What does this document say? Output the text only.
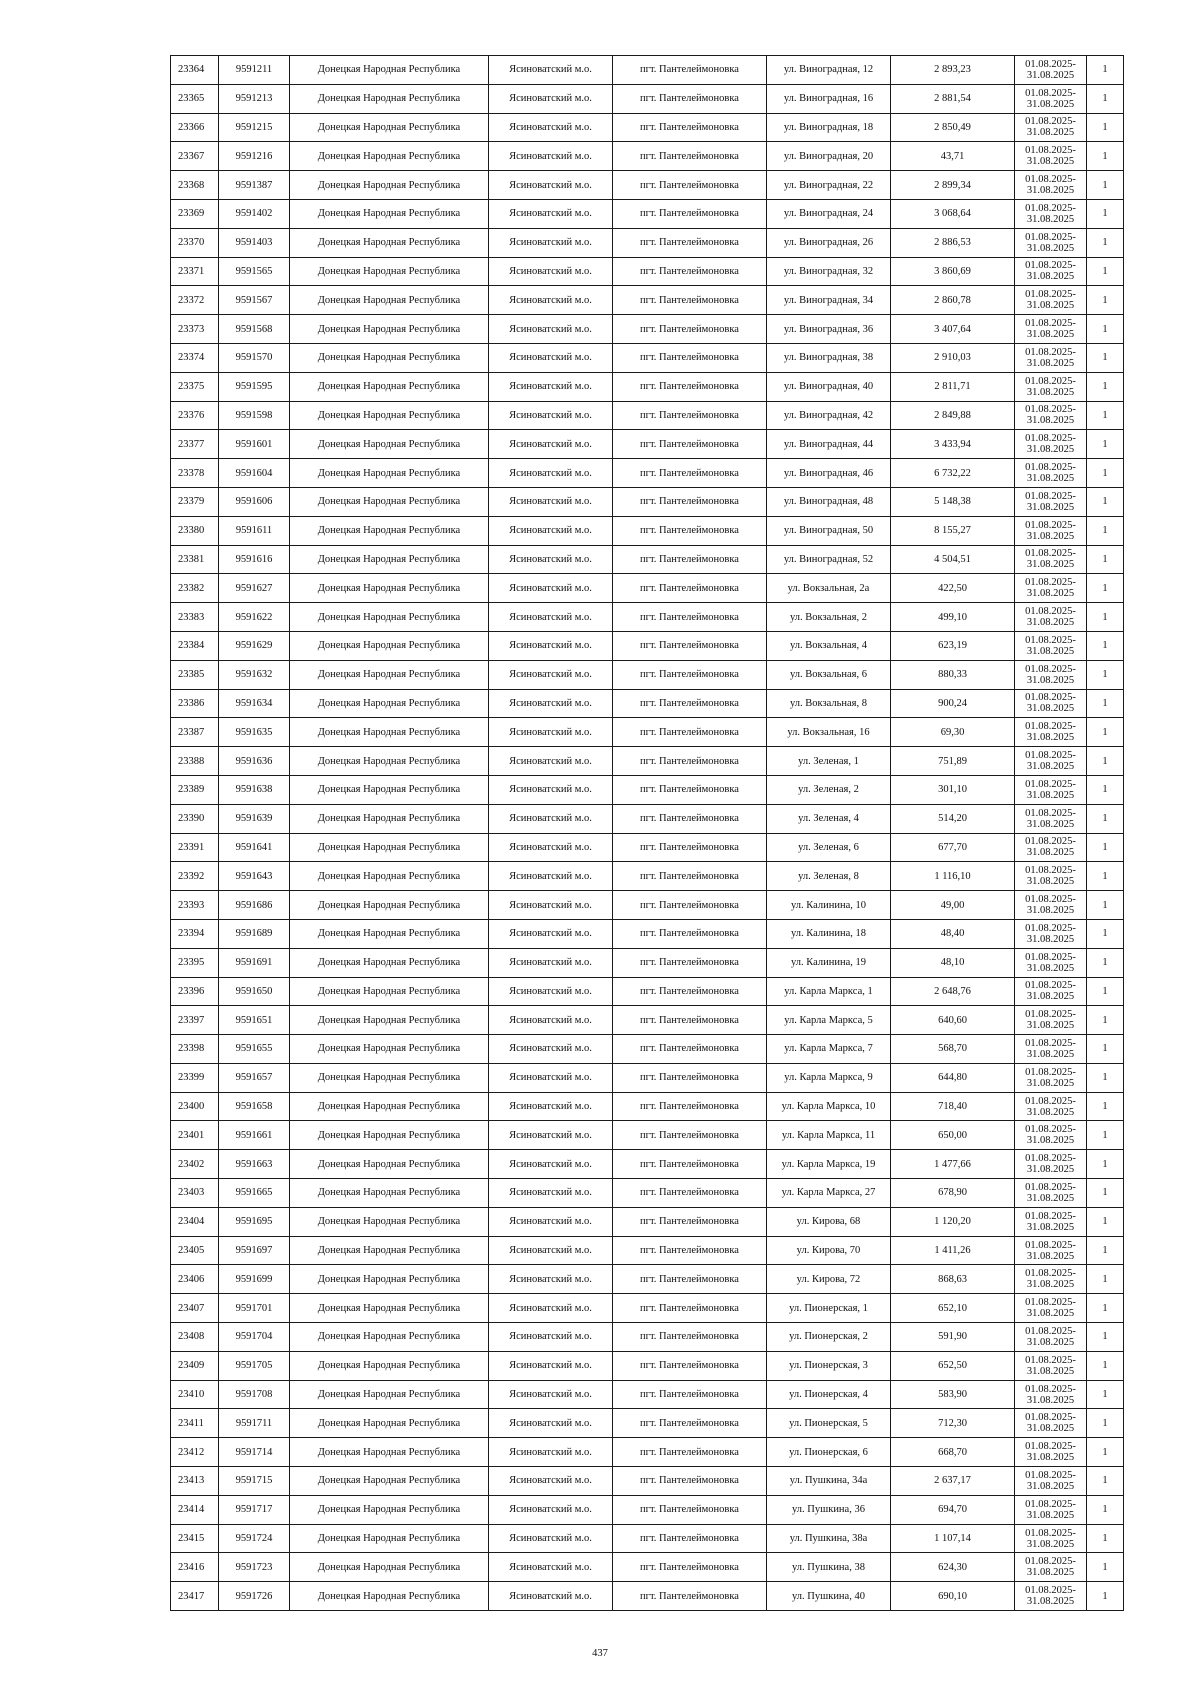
23364	9591211	Донецкая Народная Республика	Ясиноватский м.о.	пгт. Пантелеймоновка	ул. Виноградная, 12	2 893,23	01.08.2025- 31.08.2025	1
23365	9591213	Донецкая Народная Республика	Ясиноватский м.о.	пгт. Пантелеймоновка	ул. Виноградная, 16	2 881,54	01.08.2025- 31.08.2025	1
23366	9591215	Донецкая Народная Республика	Ясиноватский м.о.	пгт. Пантелеймоновка	ул. Виноградная, 18	2 850,49	01.08.2025- 31.08.2025	1
23367	9591216	Донецкая Народная Республика	Ясиноватский м.о.	пгт. Пантелеймоновка	ул. Виноградная, 20	43,71	01.08.2025- 31.08.2025	1
23368	9591387	Донецкая Народная Республика	Ясиноватский м.о.	пгт. Пантелеймоновка	ул. Виноградная, 22	2 899,34	01.08.2025- 31.08.2025	1
23369	9591402	Донецкая Народная Республика	Ясиноватский м.о.	пгт. Пантелеймоновка	ул. Виноградная, 24	3 068,64	01.08.2025- 31.08.2025	1
23370	9591403	Донецкая Народная Республика	Ясиноватский м.о.	пгт. Пантелеймоновка	ул. Виноградная, 26	2 886,53	01.08.2025- 31.08.2025	1
23371	9591565	Донецкая Народная Республика	Ясиноватский м.о.	пгт. Пантелеймоновка	ул. Виноградная, 32	3 860,69	01.08.2025- 31.08.2025	1
23372	9591567	Донецкая Народная Республика	Ясиноватский м.о.	пгт. Пантелеймоновка	ул. Виноградная, 34	2 860,78	01.08.2025- 31.08.2025	1
23373	9591568	Донецкая Народная Республика	Ясиноватский м.о.	пгт. Пантелеймоновка	ул. Виноградная, 36	3 407,64	01.08.2025- 31.08.2025	1
23374	9591570	Донецкая Народная Республика	Ясиноватский м.о.	пгт. Пантелеймоновка	ул. Виноградная, 38	2 910,03	01.08.2025- 31.08.2025	1
23375	9591595	Донецкая Народная Республика	Ясиноватский м.о.	пгт. Пантелеймоновка	ул. Виноградная, 40	2 811,71	01.08.2025- 31.08.2025	1
23376	9591598	Донецкая Народная Республика	Ясиноватский м.о.	пгт. Пантелеймоновка	ул. Виноградная, 42	2 849,88	01.08.2025- 31.08.2025	1
23377	9591601	Донецкая Народная Республика	Ясиноватский м.о.	пгт. Пантелеймоновка	ул. Виноградная, 44	3 433,94	01.08.2025- 31.08.2025	1
23378	9591604	Донецкая Народная Республика	Ясиноватский м.о.	пгт. Пантелеймоновка	ул. Виноградная, 46	6 732,22	01.08.2025- 31.08.2025	1
23379	9591606	Донецкая Народная Республика	Ясиноватский м.о.	пгт. Пантелеймоновка	ул. Виноградная, 48	5 148,38	01.08.2025- 31.08.2025	1
23380	9591611	Донецкая Народная Республика	Ясиноватский м.о.	пгт. Пантелеймоновка	ул. Виноградная, 50	8 155,27	01.08.2025- 31.08.2025	1
23381	9591616	Донецкая Народная Республика	Ясиноватский м.о.	пгт. Пантелеймоновка	ул. Виноградная, 52	4 504,51	01.08.2025- 31.08.2025	1
23382	9591627	Донецкая Народная Республика	Ясиноватский м.о.	пгт. Пантелеймоновка	ул. Вокзальная, 2а	422,50	01.08.2025- 31.08.2025	1
23383	9591622	Донецкая Народная Республика	Ясиноватский м.о.	пгт. Пантелеймоновка	ул. Вокзальная, 2	499,10	01.08.2025- 31.08.2025	1
23384	9591629	Донецкая Народная Республика	Ясиноватский м.о.	пгт. Пантелеймоновка	ул. Вокзальная, 4	623,19	01.08.2025- 31.08.2025	1
23385	9591632	Донецкая Народная Республика	Ясиноватский м.о.	пгт. Пантелеймоновка	ул. Вокзальная, 6	880,33	01.08.2025- 31.08.2025	1
23386	9591634	Донецкая Народная Республика	Ясиноватский м.о.	пгт. Пантелеймоновка	ул. Вокзальная, 8	900,24	01.08.2025- 31.08.2025	1
23387	9591635	Донецкая Народная Республика	Ясиноватский м.о.	пгт. Пантелеймоновка	ул. Вокзальная, 16	69,30	01.08.2025- 31.08.2025	1
23388	9591636	Донецкая Народная Республика	Ясиноватский м.о.	пгт. Пантелеймоновка	ул. Зеленая, 1	751,89	01.08.2025- 31.08.2025	1
23389	9591638	Донецкая Народная Республика	Ясиноватский м.о.	пгт. Пантелеймоновка	ул. Зеленая, 2	301,10	01.08.2025- 31.08.2025	1
23390	9591639	Донецкая Народная Республика	Ясиноватский м.о.	пгт. Пантелеймоновка	ул. Зеленая, 4	514,20	01.08.2025- 31.08.2025	1
23391	9591641	Донецкая Народная Республика	Ясиноватский м.о.	пгт. Пантелеймоновка	ул. Зеленая, 6	677,70	01.08.2025- 31.08.2025	1
23392	9591643	Донецкая Народная Республика	Ясиноватский м.о.	пгт. Пантелеймоновка	ул. Зеленая, 8	1 116,10	01.08.2025- 31.08.2025	1
23393	9591686	Донецкая Народная Республика	Ясиноватский м.о.	пгт. Пантелеймоновка	ул. Калинина, 10	49,00	01.08.2025- 31.08.2025	1
23394	9591689	Донецкая Народная Республика	Ясиноватский м.о.	пгт. Пантелеймоновка	ул. Калинина, 18	48,40	01.08.2025- 31.08.2025	1
23395	9591691	Донецкая Народная Республика	Ясиноватский м.о.	пгт. Пантелеймоновка	ул. Калинина, 19	48,10	01.08.2025- 31.08.2025	1
23396	9591650	Донецкая Народная Республика	Ясиноватский м.о.	пгт. Пантелеймоновка	ул. Карла Маркса, 1	2 648,76	01.08.2025- 31.08.2025	1
23397	9591651	Донецкая Народная Республика	Ясиноватский м.о.	пгт. Пантелеймоновка	ул. Карла Маркса, 5	640,60	01.08.2025- 31.08.2025	1
23398	9591655	Донецкая Народная Республика	Ясиноватский м.о.	пгт. Пантелеймоновка	ул. Карла Маркса, 7	568,70	01.08.2025- 31.08.2025	1
23399	9591657	Донецкая Народная Республика	Ясиноватский м.о.	пгт. Пантелеймоновка	ул. Карла Маркса, 9	644,80	01.08.2025- 31.08.2025	1
23400	9591658	Донецкая Народная Республика	Ясиноватский м.о.	пгт. Пантелеймоновка	ул. Карла Маркса, 10	718,40	01.08.2025- 31.08.2025	1
23401	9591661	Донецкая Народная Республика	Ясиноватский м.о.	пгт. Пантелеймоновка	ул. Карла Маркса, 11	650,00	01.08.2025- 31.08.2025	1
23402	9591663	Донецкая Народная Республика	Ясиноватский м.о.	пгт. Пантелеймоновка	ул. Карла Маркса, 19	1 477,66	01.08.2025- 31.08.2025	1
23403	9591665	Донецкая Народная Республика	Ясиноватский м.о.	пгт. Пантелеймоновка	ул. Карла Маркса, 27	678,90	01.08.2025- 31.08.2025	1
23404	9591695	Донецкая Народная Республика	Ясиноватский м.о.	пгт. Пантелеймоновка	ул. Кирова, 68	1 120,20	01.08.2025- 31.08.2025	1
23405	9591697	Донецкая Народная Республика	Ясиноватский м.о.	пгт. Пантелеймоновка	ул. Кирова, 70	1 411,26	01.08.2025- 31.08.2025	1
23406	9591699	Донецкая Народная Республика	Ясиноватский м.о.	пгт. Пантелеймоновка	ул. Кирова, 72	868,63	01.08.2025- 31.08.2025	1
23407	9591701	Донецкая Народная Республика	Ясиноватский м.о.	пгт. Пантелеймоновка	ул. Пионерская, 1	652,10	01.08.2025- 31.08.2025	1
23408	9591704	Донецкая Народная Республика	Ясиноватский м.о.	пгт. Пантелеймоновка	ул. Пионерская, 2	591,90	01.08.2025- 31.08.2025	1
23409	9591705	Донецкая Народная Республика	Ясиноватский м.о.	пгт. Пантелеймоновка	ул. Пионерская, 3	652,50	01.08.2025- 31.08.2025	1
23410	9591708	Донецкая Народная Республика	Ясиноватский м.о.	пгт. Пантелеймоновка	ул. Пионерская, 4	583,90	01.08.2025- 31.08.2025	1
23411	9591711	Донецкая Народная Республика	Ясиноватский м.о.	пгт. Пантелеймоновка	ул. Пионерская, 5	712,30	01.08.2025- 31.08.2025	1
23412	9591714	Донецкая Народная Республика	Ясиноватский м.о.	пгт. Пантелеймоновка	ул. Пионерская, 6	668,70	01.08.2025- 31.08.2025	1
23413	9591715	Донецкая Народная Республика	Ясиноватский м.о.	пгт. Пантелеймоновка	ул. Пушкина, 34а	2 637,17	01.08.2025- 31.08.2025	1
23414	9591717	Донецкая Народная Республика	Ясиноватский м.о.	пгт. Пантелеймоновка	ул. Пушкина, 36	694,70	01.08.2025- 31.08.2025	1
23415	9591724	Донецкая Народная Республика	Ясиноватский м.о.	пгт. Пантелеймоновка	ул. Пушкина, 38а	1 107,14	01.08.2025- 31.08.2025	1
23416	9591723	Донецкая Народная Республика	Ясиноватский м.о.	пгт. Пантелеймоновка	ул. Пушкина, 38	624,30	01.08.2025- 31.08.2025	1
23417	9591726	Донецкая Народная Республика	Ясиноватский м.о.	пгт. Пантелеймоновка	ул. Пушкина, 40	690,10	01.08.2025- 31.08.2025	1
437
